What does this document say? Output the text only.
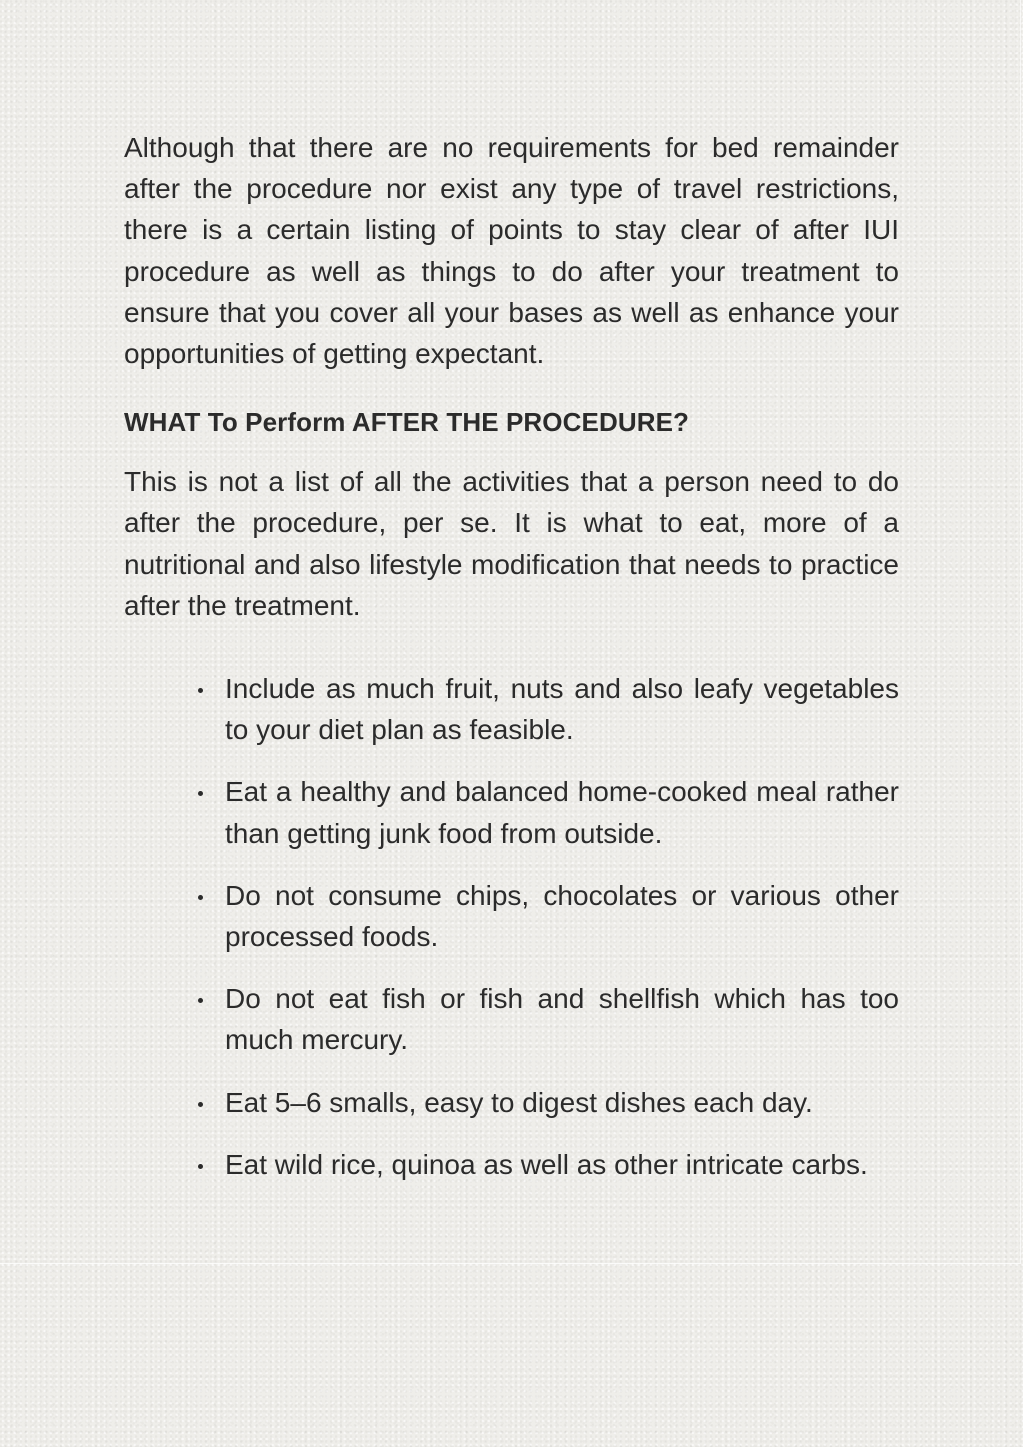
Although that there are no requirements for bed remainder after the procedure nor exist any type of travel restrictions, there is a certain listing of points to stay clear of after IUI procedure as well as things to do after your treatment to ensure that you cover all your bases as well as enhance your opportunities of getting expectant.

WHAT To Perform AFTER THE PROCEDURE?

This is not a list of all the activities that a person need to do after the procedure, per se. It is what to eat, more of a nutritional and also lifestyle modification that needs to practice after the treatment.

Include as much fruit, nuts and also leafy vegetables to your diet plan as feasible.
Eat a healthy and balanced home-cooked meal rather than getting junk food from outside.
Do not consume chips, chocolates or various other processed foods.
Do not eat fish or fish and shellfish which has too much mercury.
Eat 5–6 smalls, easy to digest dishes each day.
Eat wild rice, quinoa as well as other intricate carbs.
